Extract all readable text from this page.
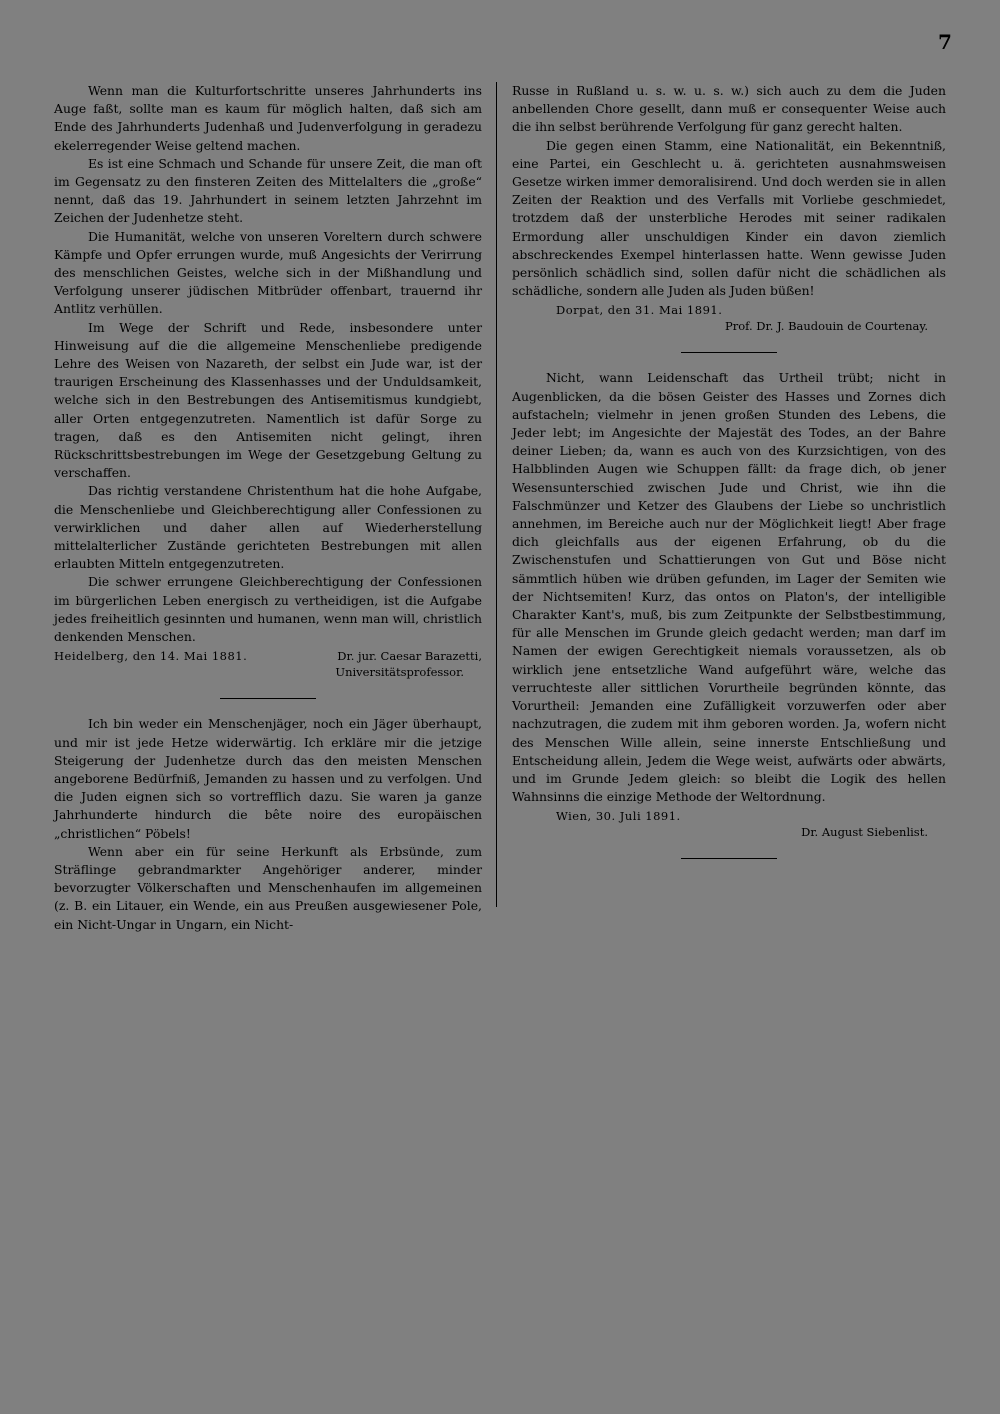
7

Wenn man die Kulturfortschritte unseres Jahrhunderts ins Auge faßt, sollte man es kaum für möglich halten, daß sich am Ende des Jahrhunderts Judenhaß und Judenverfolgung in geradezu ekelerregender Weise geltend machen.

Es ist eine Schmach und Schande für unsere Zeit, die man oft im Gegensatz zu den finsteren Zeiten des Mittelalters die „große“ nennt, daß das 19. Jahrhundert in seinem letzten Jahrzehnt im Zeichen der Judenhetze steht.

Die Humanität, welche von unseren Voreltern durch schwere Kämpfe und Opfer errungen wurde, muß Angesichts der Verirrung des menschlichen Geistes, welche sich in der Mißhandlung und Verfolgung unserer jüdischen Mitbrüder offenbart, trauernd ihr Antlitz verhüllen.

Im Wege der Schrift und Rede, insbesondere unter Hinweisung auf die die allgemeine Menschenliebe predigende Lehre des Weisen von Nazareth, der selbst ein Jude war, ist der traurigen Erscheinung des Klassenhasses und der Unduldsamkeit, welche sich in den Bestrebungen des Antisemitismus kundgiebt, aller Orten entgegenzutreten. Namentlich ist dafür Sorge zu tragen, daß es den Antisemiten nicht gelingt, ihren Rückschrittsbestrebungen im Wege der Gesetzgebung Geltung zu verschaffen.

Das richtig verstandene Christenthum hat die hohe Aufgabe, die Menschenliebe und Gleichberechtigung aller Confessionen zu verwirklichen und daher allen auf Wiederherstellung mittelalterlicher Zustände gerichteten Bestrebungen mit allen erlaubten Mitteln entgegenzutreten.

Die schwer errungene Gleichberechtigung der Confessionen im bürgerlichen Leben energisch zu vertheidigen, ist die Aufgabe jedes freiheitlich gesinnten und humanen, wenn man will, christlich denkenden Menschen.

Heidelberg, den 14. Mai 1881.	Dr. jur. Caesar Barazetti,
Universitätsprofessor.

Ich bin weder ein Menschenjäger, noch ein Jäger überhaupt, und mir ist jede Hetze widerwärtig. Ich erkläre mir die jetzige Steigerung der Judenhetze durch das den meisten Menschen angeborene Bedürfniß, Jemanden zu hassen und zu verfolgen. Und die Juden eignen sich so vortrefflich dazu. Sie waren ja ganze Jahrhunderte hindurch die bête noire des europäischen „christlichen“ Pöbels!

Wenn aber ein für seine Herkunft als Erbsünde, zum Sträflinge gebrandmarkter Angehöriger anderer, minder bevorzugter Völkerschaften und Menschenhaufen im allgemeinen (z. B. ein Litauer, ein Wende, ein aus Preußen ausgewiesener Pole, ein Nicht-Ungar in Ungarn, ein Nicht-

Russe in Rußland u. s. w. u. s. w.) sich auch zu dem die Juden anbellenden Chore gesellt, dann muß er consequenter Weise auch die ihn selbst berührende Verfolgung für ganz gerecht halten.

Die gegen einen Stamm, eine Nationalität, ein Bekenntniß, eine Partei, ein Geschlecht u. ä. gerichteten ausnahmsweisen Gesetze wirken immer demoralisirend. Und doch werden sie in allen Zeiten der Reaktion und des Verfalls mit Vorliebe geschmiedet, trotzdem daß der unsterbliche Herodes mit seiner radikalen Ermordung aller unschuldigen Kinder ein davon ziemlich abschreckendes Exempel hinterlassen hatte. Wenn gewisse Juden persönlich schädlich sind, sollen dafür nicht die schädlichen als schädliche, sondern alle Juden als Juden büßen!

Dorpat, den 31. Mai 1891.
Prof. Dr. J. Baudouin de Courtenay.

Nicht, wann Leidenschaft das Urtheil trübt; nicht in Augenblicken, da die bösen Geister des Hasses und Zornes dich aufstacheln; vielmehr in jenen großen Stunden des Lebens, die Jeder lebt; im Angesichte der Majestät des Todes, an der Bahre deiner Lieben; da, wann es auch von des Kurzsichtigen, von des Halbblinden Augen wie Schuppen fällt: da frage dich, ob jener Wesensunterschied zwischen Jude und Christ, wie ihn die Falschmünzer und Ketzer des Glaubens der Liebe so unchristlich annehmen, im Bereiche auch nur der Möglichkeit liegt! Aber frage dich gleichfalls aus der eigenen Erfahrung, ob du die Zwischenstufen und Schattierungen von Gut und Böse nicht sämmtlich hüben wie drüben gefunden, im Lager der Semiten wie der Nichtsemiten! Kurz, das ontos on Platon's, der intelligible Charakter Kant's, muß, bis zum Zeitpunkte der Selbstbestimmung, für alle Menschen im Grunde gleich gedacht werden; man darf im Namen der ewigen Gerechtigkeit niemals voraussetzen, als ob wirklich jene entsetzliche Wand aufgeführt wäre, welche das verruchteste aller sittlichen Vorurtheile begründen könnte, das Vorurtheil: Jemanden eine Zufälligkeit vorzuwerfen oder aber nachzutragen, die zudem mit ihm geboren worden. Ja, wofern nicht des Menschen Wille allein, seine innerste Entschließung und Entscheidung allein, Jedem die Wege weist, aufwärts oder abwärts, und im Grunde Jedem gleich: so bleibt die Logik des hellen Wahnsinns die einzige Methode der Weltordnung.

Wien, 30. Juli 1891.
Dr. August Siebenlist.
